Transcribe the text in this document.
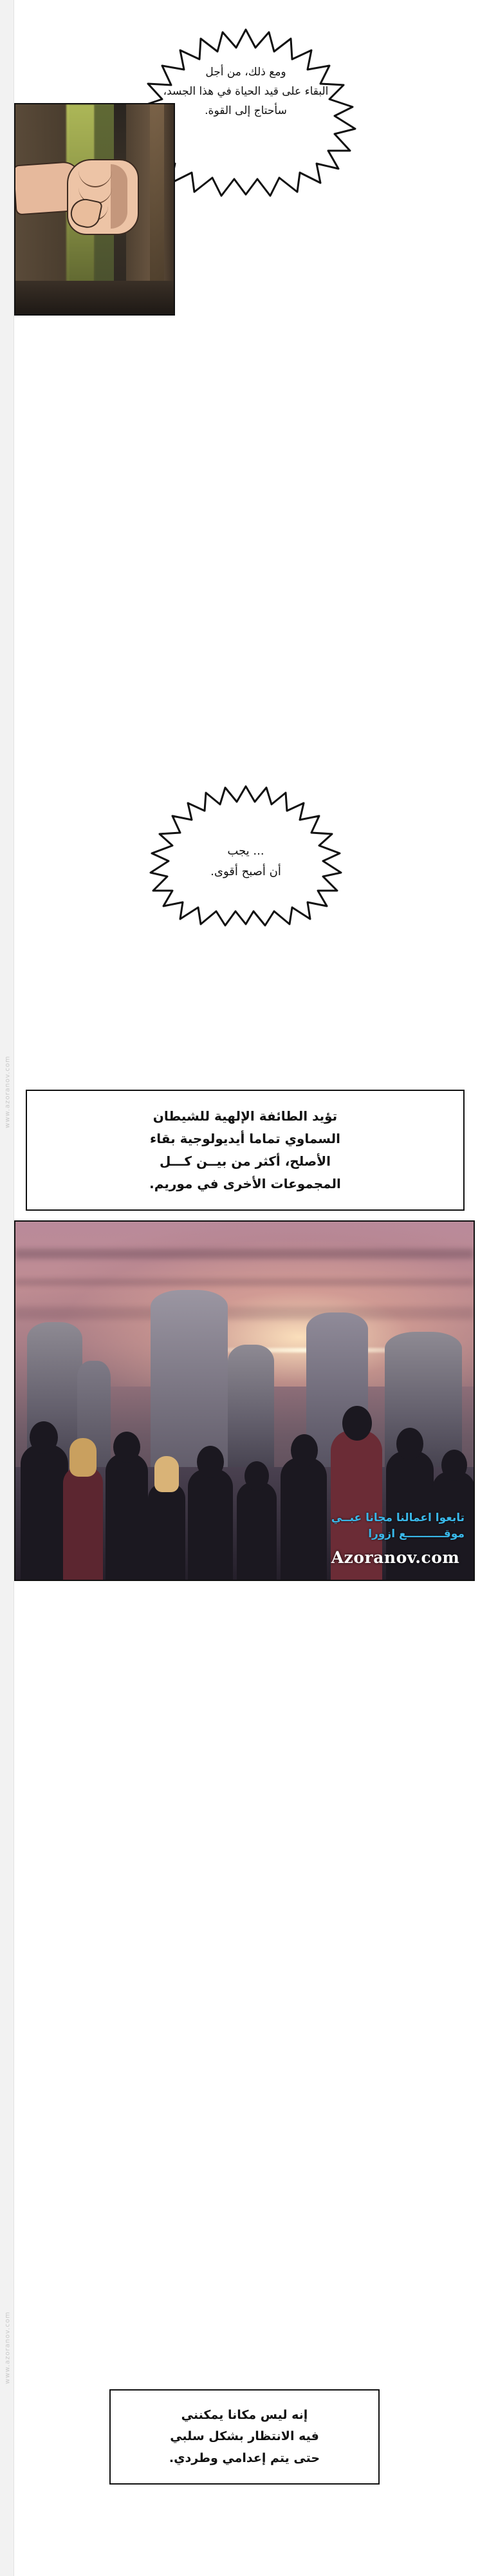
www.azoranov.com
www.azoranov.com
ومع ذلك، من أجل
البقاء على قيد الحياة في هذا الجسد،
سأحتاج إلى القوة.
... يجب
أن أصبح أقوى.

تؤيد الطائفة الإلهية للشيطان
السماوي تماما أيديولوجية بقاء
الأصلح، أكثر من بيــن كـــل
المجموعات الأخرى في موريم.

تابعوا اعمالنا مجانا عبــي
موقــــــــــع ازورا
Azoranov.com

إنه ليس مكانا يمكنني
فيه الانتظار بشكل سلبي
حتى يتم إعدامي وطردي.
